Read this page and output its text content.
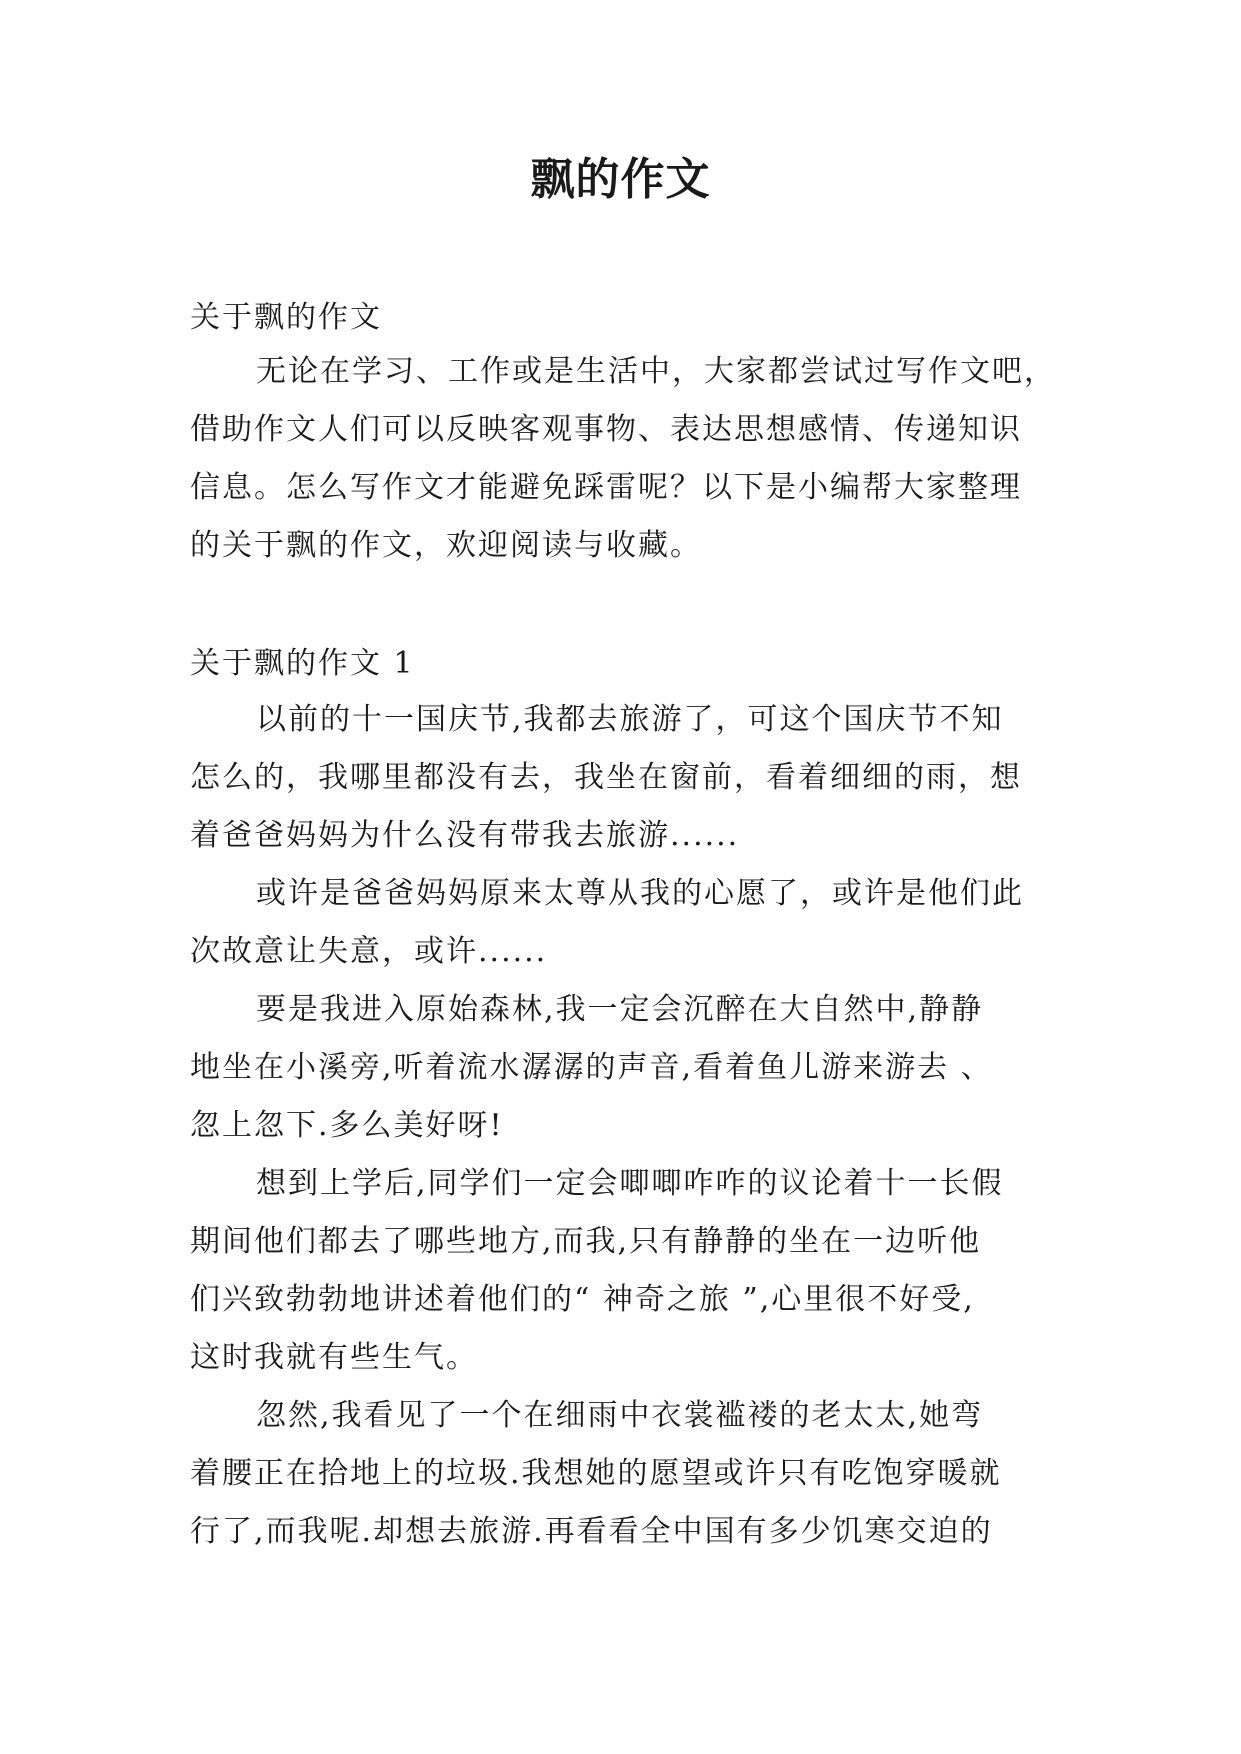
飘的作文
关于飘的作文
无论在学习、工作或是生活中，大家都尝试过写作文吧，
借助作文人们可以反映客观事物、表达思想感情、传递知识
信息。怎么写作文才能避免踩雷呢？以下是小编帮大家整理
的关于飘的作文，欢迎阅读与收藏。
关于飘的作文 1
以前的十一国庆节,我都去旅游了，可这个国庆节不知
怎么的，我哪里都没有去，我坐在窗前，看着细细的雨，想
着爸爸妈妈为什么没有带我去旅游......
或许是爸爸妈妈原来太尊从我的心愿了，或许是他们此
次故意让失意，或许......
要是我进入原始森林,我一定会沉醉在大自然中,静静
地坐在小溪旁,听着流水潺潺的声音,看着鱼儿游来游去 、
忽上忽下.多么美好呀!
想到上学后,同学们一定会唧唧咋咋的议论着十一长假
期间他们都去了哪些地方,而我,只有静静的坐在一边听他
们兴致勃勃地讲述着他们的“ 神奇之旅 ”,心里很不好受,
这时我就有些生气。
忽然,我看见了一个在细雨中衣裳褴褛的老太太,她弯
着腰正在拾地上的垃圾.我想她的愿望或许只有吃饱穿暖就
行了,而我呢.却想去旅游.再看看全中国有多少饥寒交迫的
